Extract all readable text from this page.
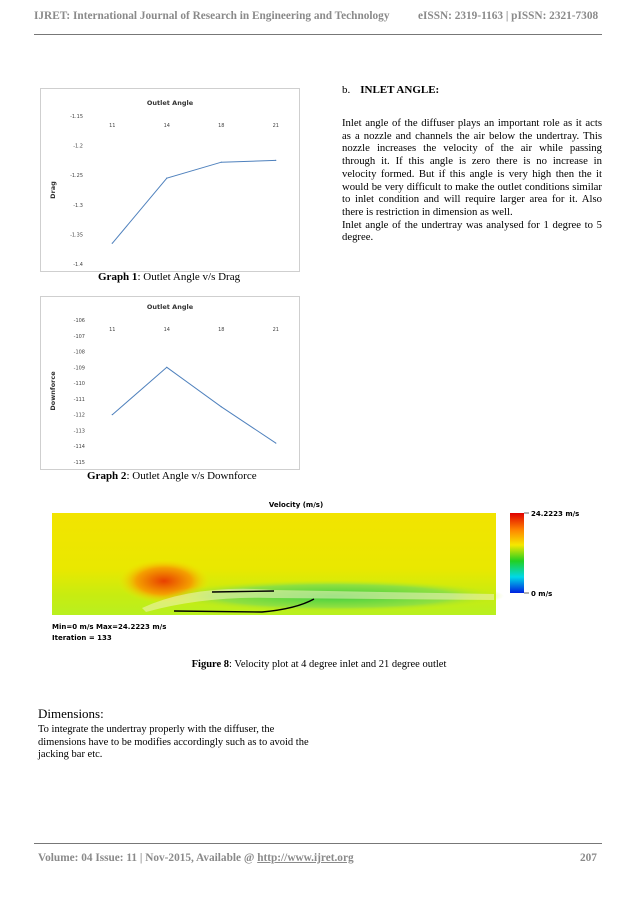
IJRET: International Journal of Research in Engineering and Technology	eISSN: 2319-1163 | pISSN: 2321-7308
Outlet Angle
Drag
-1.15
-1.2
-1.25
-1.3
-1.35
-1.4
11	14	18	21
Graph 1: Outlet Angle v/s Drag
Outlet Angle
Downforce
-106
-107
-108
-109
-110
-111
-112
-113
-114
-115
11	14	18	21
Graph 2: Outlet Angle v/s Downforce
b. INLET ANGLE:

Inlet angle of the diffuser plays an important role as it acts as a nozzle and channels the air below the undertray. This nozzle increases the velocity of the air while passing through it. If this angle is zero there is no increase in velocity formed. But if this angle is very high then the it would be very difficult to make the outlet conditions similar to inlet condition and will require larger area for it. Also there is restriction in dimension as well.

Inlet angle of the undertray was analysed for 1 degree to 5 degree.

Velocity (m/s)
24.2223 m/s
0 m/s
Min=0 m/s Max=24.2223 m/s
Iteration = 133
Figure 8: Velocity plot at 4 degree inlet and 21 degree outlet
Dimensions:
To integrate the undertray properly with the diffuser, the dimensions have to be modifies accordingly such as to avoid the jacking bar etc.
Volume: 04 Issue: 11 | Nov-2015, Available @ http://www.ijret.org	207
